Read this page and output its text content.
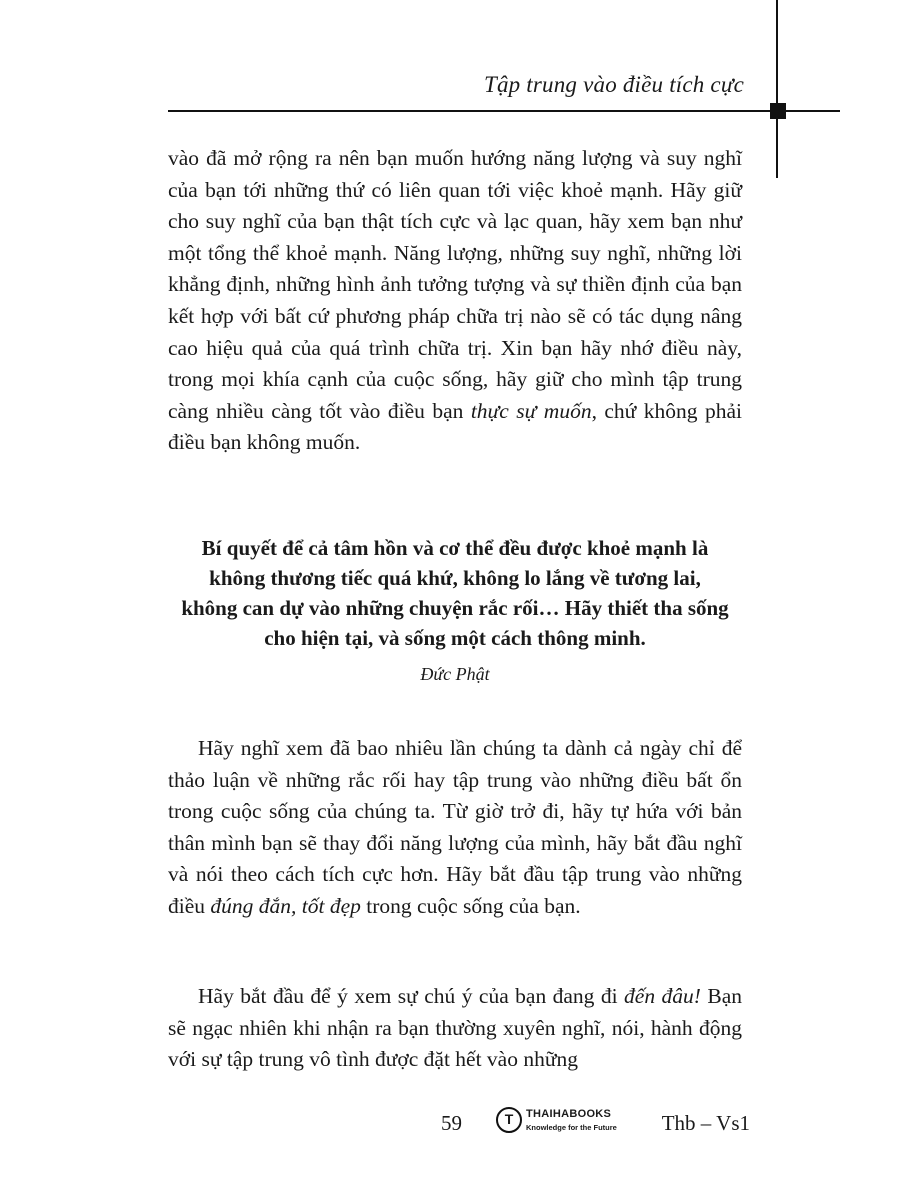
Tập trung vào điều tích cực

vào đã mở rộng ra nên bạn muốn hướng năng lượng và suy nghĩ của bạn tới những thứ có liên quan tới việc khoẻ mạnh. Hãy giữ cho suy nghĩ của bạn thật tích cực và lạc quan, hãy xem bạn như một tổng thể khoẻ mạnh. Năng lượng, những suy nghĩ, những lời khẳng định, những hình ảnh tưởng tượng và sự thiền định của bạn kết hợp với bất cứ phương pháp chữa trị nào sẽ có tác dụng nâng cao hiệu quả của quá trình chữa trị. Xin bạn hãy nhớ điều này, trong mọi khía cạnh của cuộc sống, hãy giữ cho mình tập trung càng nhiều càng tốt vào điều bạn thực sự muốn, chứ không phải điều bạn không muốn.

Bí quyết để cả tâm hồn và cơ thể đều được khoẻ mạnh là
không thương tiếc quá khứ, không lo lắng về tương lai,
không can dự vào những chuyện rắc rối… Hãy thiết tha sống
cho hiện tại, và sống một cách thông minh.
Đức Phật

Hãy nghĩ xem đã bao nhiêu lần chúng ta dành cả ngày chỉ để thảo luận về những rắc rối hay tập trung vào những điều bất ổn trong cuộc sống của chúng ta. Từ giờ trở đi, hãy tự hứa với bản thân mình bạn sẽ thay đổi năng lượng của mình, hãy bắt đầu nghĩ và nói theo cách tích cực hơn. Hãy bắt đầu tập trung vào những điều đúng đắn, tốt đẹp trong cuộc sống của bạn.

Hãy bắt đầu để ý xem sự chú ý của bạn đang đi đến đâu! Bạn sẽ ngạc nhiên khi nhận ra bạn thường xuyên nghĩ, nói, hành động với sự tập trung vô tình được đặt hết vào những

59	T	THAIHABOOKS
Knowledge for the Future Thb – Vs1
